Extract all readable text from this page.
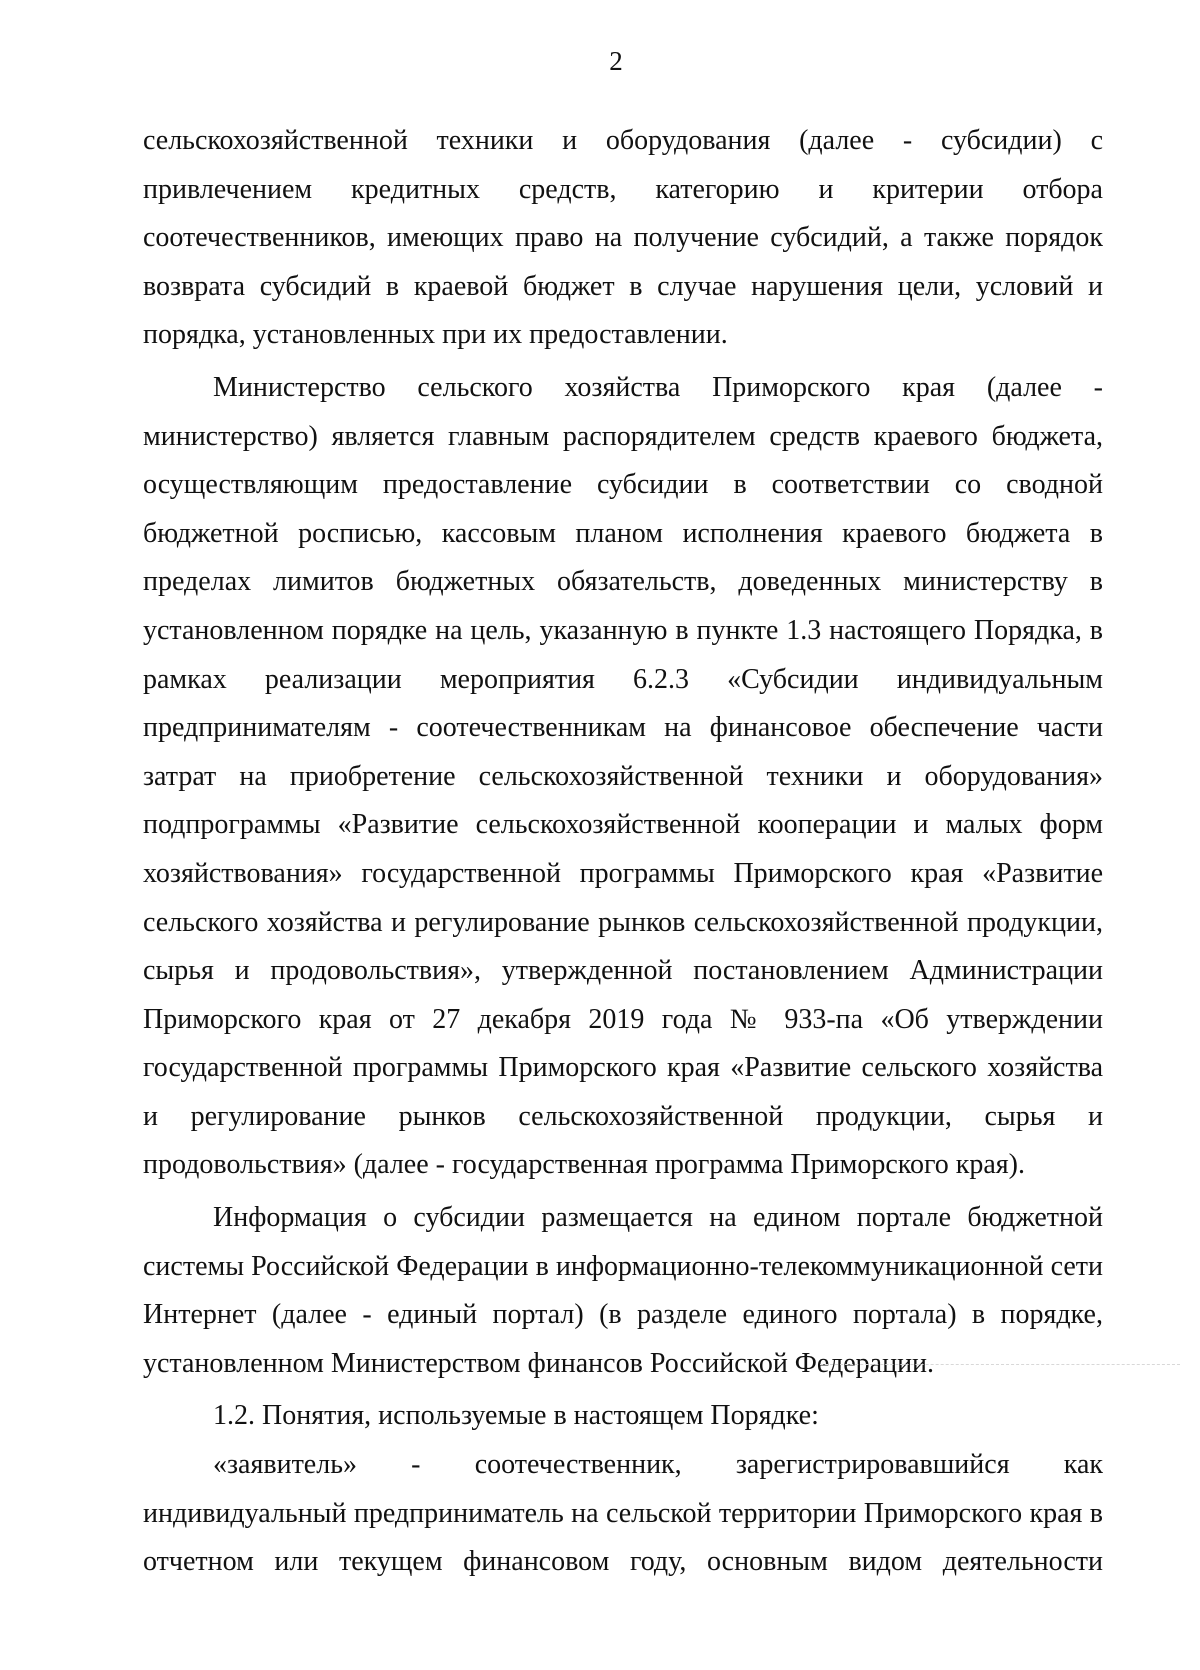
2

сельскохозяйственной техники и оборудования (далее - субсидии) с привлечением кредитных средств, категорию и критерии отбора соотечественников, имеющих право на получение субсидий, а также порядок возврата субсидий в краевой бюджет в случае нарушения цели, условий и порядка, установленных при их предоставлении.

Министерство сельского хозяйства Приморского края (далее - министерство) является главным распорядителем средств краевого бюджета, осуществляющим предоставление субсидии в соответствии со сводной бюджетной росписью, кассовым планом исполнения краевого бюджета в пределах лимитов бюджетных обязательств, доведенных министерству в установленном порядке на цель, указанную в пункте 1.3 настоящего Порядка, в рамках реализации мероприятия 6.2.3 «Субсидии индивидуальным предпринимателям - соотечественникам на финансовое обеспечение части затрат на приобретение сельскохозяйственной техники и оборудования» подпрограммы «Развитие сельскохозяйственной кооперации и малых форм хозяйствования» государственной программы Приморского края «Развитие сельского хозяйства и регулирование рынков сельскохозяйственной продукции, сырья и продовольствия», утвержденной постановлением Администрации Приморского края от 27 декабря 2019 года № 933-па «Об утверждении государственной программы Приморского края «Развитие сельского хозяйства и регулирование рынков сельскохозяйственной продукции, сырья и продовольствия» (далее - государственная программа Приморского края).

Информация о субсидии размещается на едином портале бюджетной системы Российской Федерации в информационно-телекоммуникационной сети Интернет (далее - единый портал) (в разделе единого портала) в порядке, установленном Министерством финансов Российской Федерации.

1.2. Понятия, используемые в настоящем Порядке:

«заявитель» - соотечественник, зарегистрировавшийся как индивидуальный предприниматель на сельской территории Приморского края в отчетном или текущем финансовом году, основным видом деятельности
